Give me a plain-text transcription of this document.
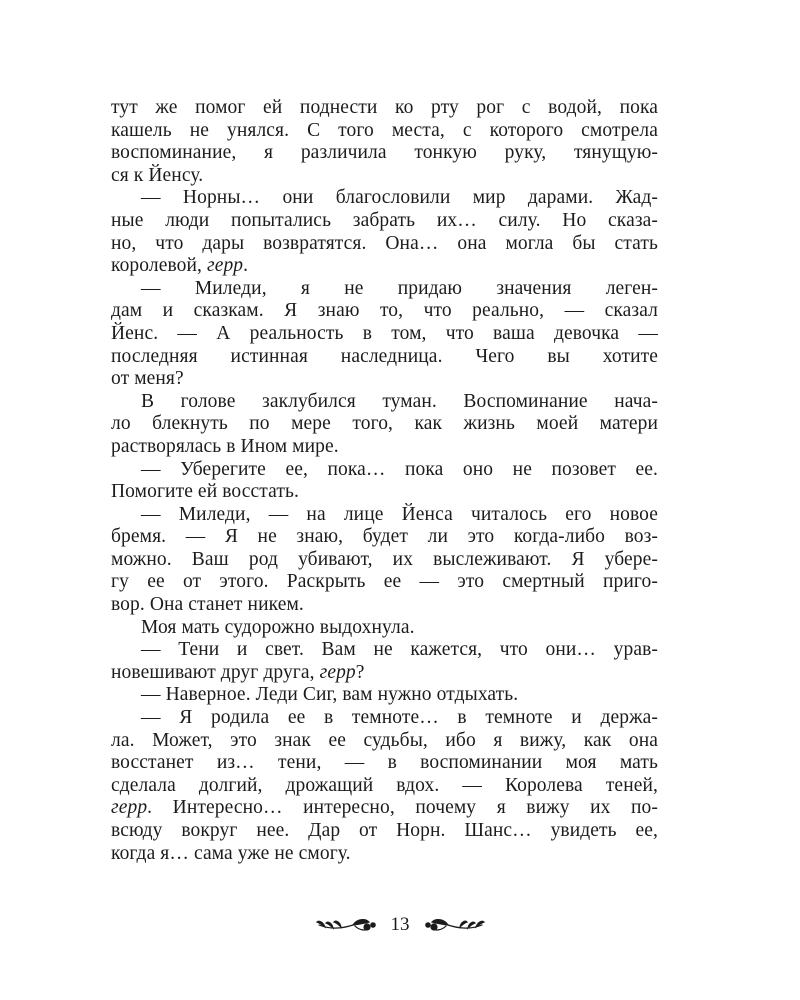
тут же помог ей поднести ко рту рог с водой, пока
кашель не унялся. С того места, с которого смотрела
воспоминание, я различила тонкую руку, тянущую-
ся к Йенсу.
— Норны… они благословили мир дарами. Жад-
ные люди попытались забрать их… силу. Но сказа-
но, что дары возвратятся. Она… она могла бы стать
королевой, герр.
— Миледи, я не придаю значения леген-
дам и сказкам. Я знаю то, что реально, — сказал
Йенс. — А реальность в том, что ваша девочка —
последняя истинная наследница. Чего вы хотите
от меня?
В голове заклубился туман. Воспоминание нача-
ло блекнуть по мере того, как жизнь моей матери
растворялась в Ином мире.
— Уберегите ее, пока… пока оно не позовет ее.
Помогите ей восстать.
— Миледи, — на лице Йенса читалось его новое
бремя. — Я не знаю, будет ли это когда-либо воз-
можно. Ваш род убивают, их выслеживают. Я убере-
гу ее от этого. Раскрыть ее — это смертный приго-
вор. Она станет никем.
Моя мать судорожно выдохнула.
— Тени и свет. Вам не кажется, что они… урав-
новешивают друг друга, герр?
— Наверное. Леди Сиг, вам нужно отдыхать.
— Я родила ее в темноте… в темноте и держа-
ла. Может, это знак ее судьбы, ибо я вижу, как она
восстанет из… тени, — в воспоминании моя мать
сделала долгий, дрожащий вдох. — Королева теней,
герр. Интересно… интересно, почему я вижу их по-
всюду вокруг нее. Дар от Норн. Шанс… увидеть ее,
когда я… сама уже не смогу.
13
